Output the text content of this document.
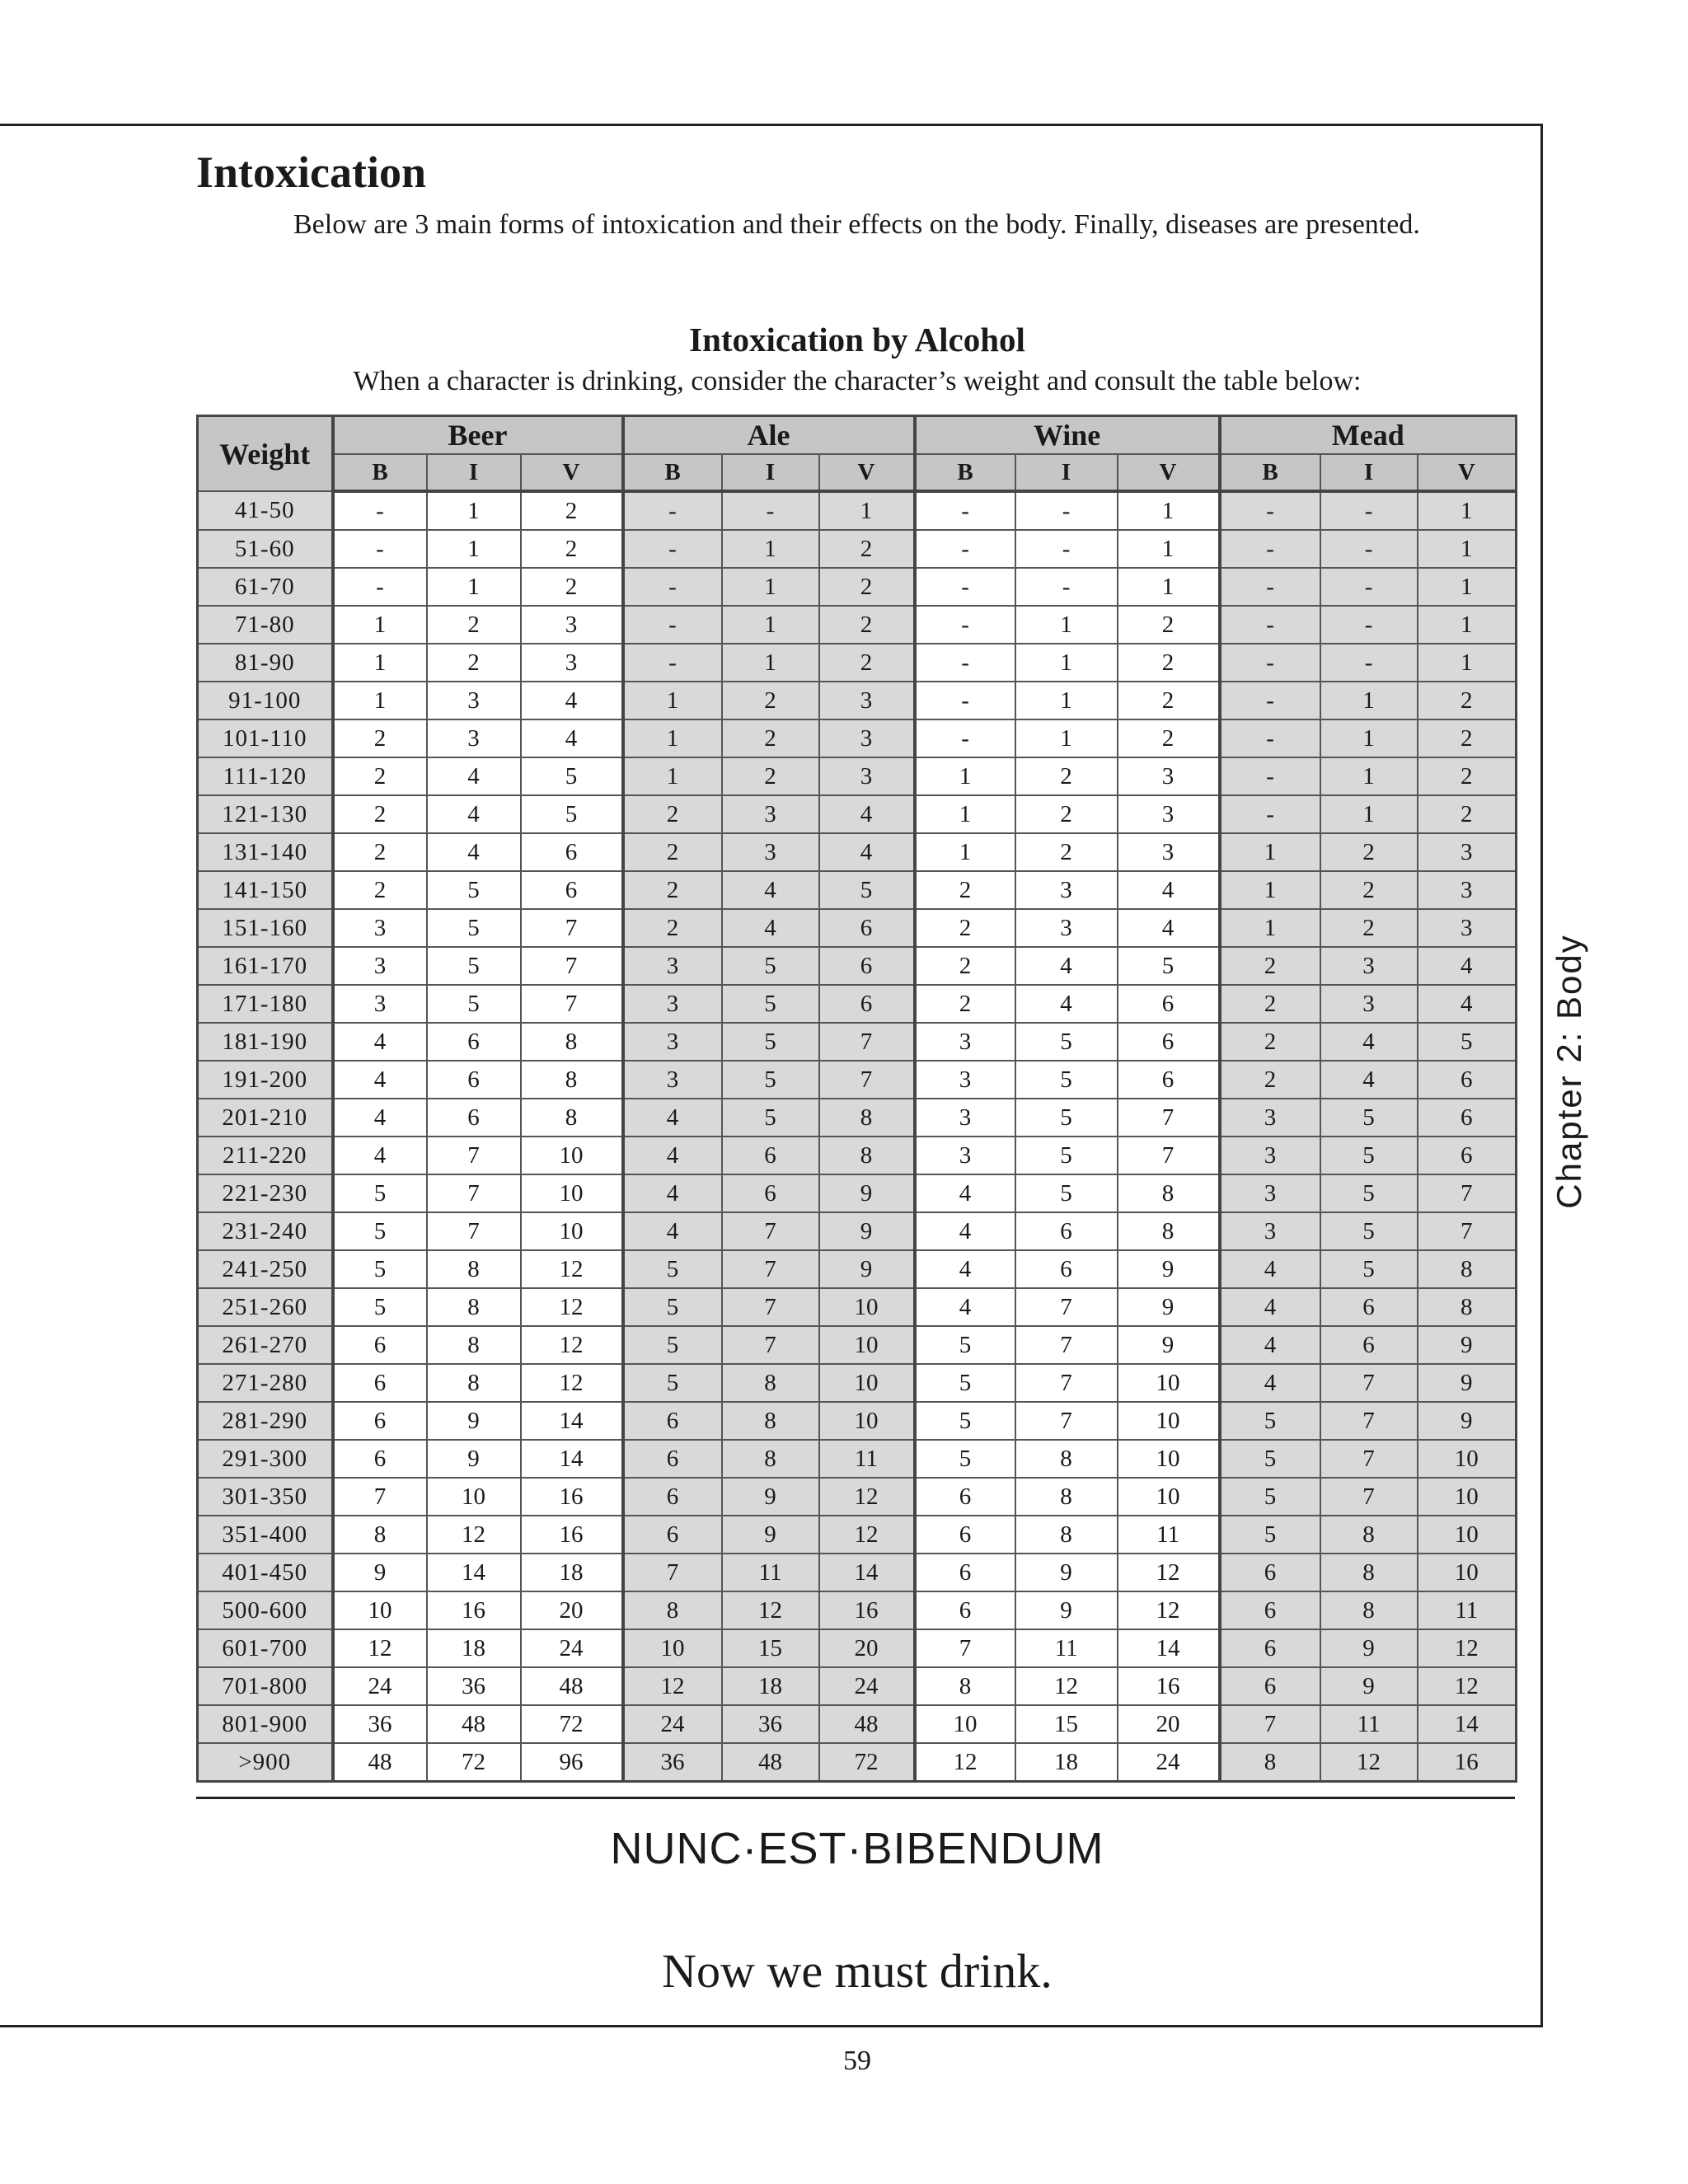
Intoxication

Below are 3 main forms of intoxication and their effects on the body. Finally, diseases are presented.

Intoxication by Alcohol
When a character is drinking, consider the character’s weight and consult the table below:
Weight	Beer			Ale			Wine			Mead		
	B	I	V	B	I	V	B	I	V	B	I	V
41-50	-	1	2	-	-	1	-	-	1	-	-	1
51-60	-	1	2	-	1	2	-	-	1	-	-	1
61-70	-	1	2	-	1	2	-	-	1	-	-	1
71-80	1	2	3	-	1	2	-	1	2	-	-	1
81-90	1	2	3	-	1	2	-	1	2	-	-	1
91-100	1	3	4	1	2	3	-	1	2	-	1	2
101-110	2	3	4	1	2	3	-	1	2	-	1	2
111-120	2	4	5	1	2	3	1	2	3	-	1	2
121-130	2	4	5	2	3	4	1	2	3	-	1	2
131-140	2	4	6	2	3	4	1	2	3	1	2	3
141-150	2	5	6	2	4	5	2	3	4	1	2	3
151-160	3	5	7	2	4	6	2	3	4	1	2	3
161-170	3	5	7	3	5	6	2	4	5	2	3	4
171-180	3	5	7	3	5	6	2	4	6	2	3	4
181-190	4	6	8	3	5	7	3	5	6	2	4	5
191-200	4	6	8	3	5	7	3	5	6	2	4	6
201-210	4	6	8	4	5	8	3	5	7	3	5	6
211-220	4	7	10	4	6	8	3	5	7	3	5	6
221-230	5	7	10	4	6	9	4	5	8	3	5	7
231-240	5	7	10	4	7	9	4	6	8	3	5	7
241-250	5	8	12	5	7	9	4	6	9	4	5	8
251-260	5	8	12	5	7	10	4	7	9	4	6	8
261-270	6	8	12	5	7	10	5	7	9	4	6	9
271-280	6	8	12	5	8	10	5	7	10	4	7	9
281-290	6	9	14	6	8	10	5	7	10	5	7	9
291-300	6	9	14	6	8	11	5	8	10	5	7	10
301-350	7	10	16	6	9	12	6	8	10	5	7	10
351-400	8	12	16	6	9	12	6	8	11	5	8	10
401-450	9	14	18	7	11	14	6	9	12	6	8	10
500-600	10	16	20	8	12	16	6	9	12	6	8	11
601-700	12	18	24	10	15	20	7	11	14	6	9	12
701-800	24	36	48	12	18	24	8	12	16	6	9	12
801-900	36	48	72	24	36	48	10	15	20	7	11	14
>900	48	72	96	36	48	72	12	18	24	8	12	16
NUNC·EST·BIBENDUM
Now we must drink.
Chapter 2: Body
59
